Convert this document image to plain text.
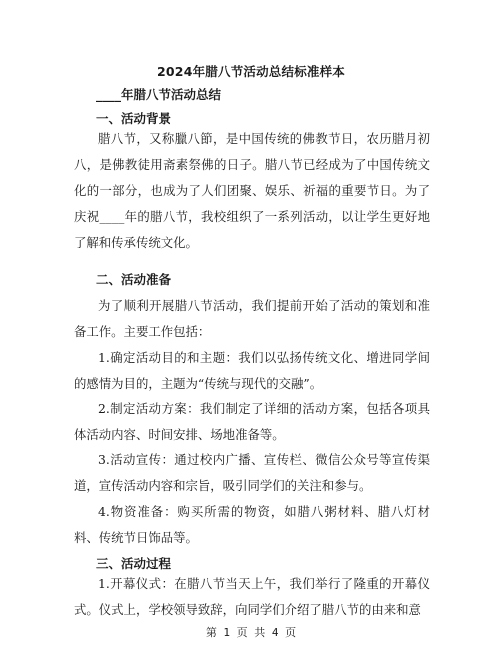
2024年腊八节活动总结标准样本
____年腊八节活动总结
一、活动背景

腊八节，又称臘八節，是中国传统的佛教节日，农历腊月初八，是佛教徒用斋素祭佛的日子。腊八节已经成为了中国传统文化的一部分，也成为了人们团聚、娱乐、祈福的重要节日。为了庆祝____年的腊八节，我校组织了一系列活动，以让学生更好地了解和传承传统文化。

二、活动准备

为了顺利开展腊八节活动，我们提前开始了活动的策划和准备工作。主要工作包括：

1.确定活动目的和主题：我们以弘扬传统文化、增进同学间的感情为目的，主题为“传统与现代的交融”。

2.制定活动方案：我们制定了详细的活动方案，包括各项具体活动内容、时间安排、场地准备等。

3.活动宣传：通过校内广播、宣传栏、微信公众号等宣传渠道，宣传活动内容和宗旨，吸引同学们的关注和参与。

4.物资准备：购买所需的物资，如腊八粥材料、腊八灯材料、传统节日饰品等。

三、活动过程

1.开幕仪式：在腊八节当天上午，我们举行了隆重的开幕仪式。仪式上，学校领导致辞，向同学们介绍了腊八节的由来和意

第 1 页 共 4 页
